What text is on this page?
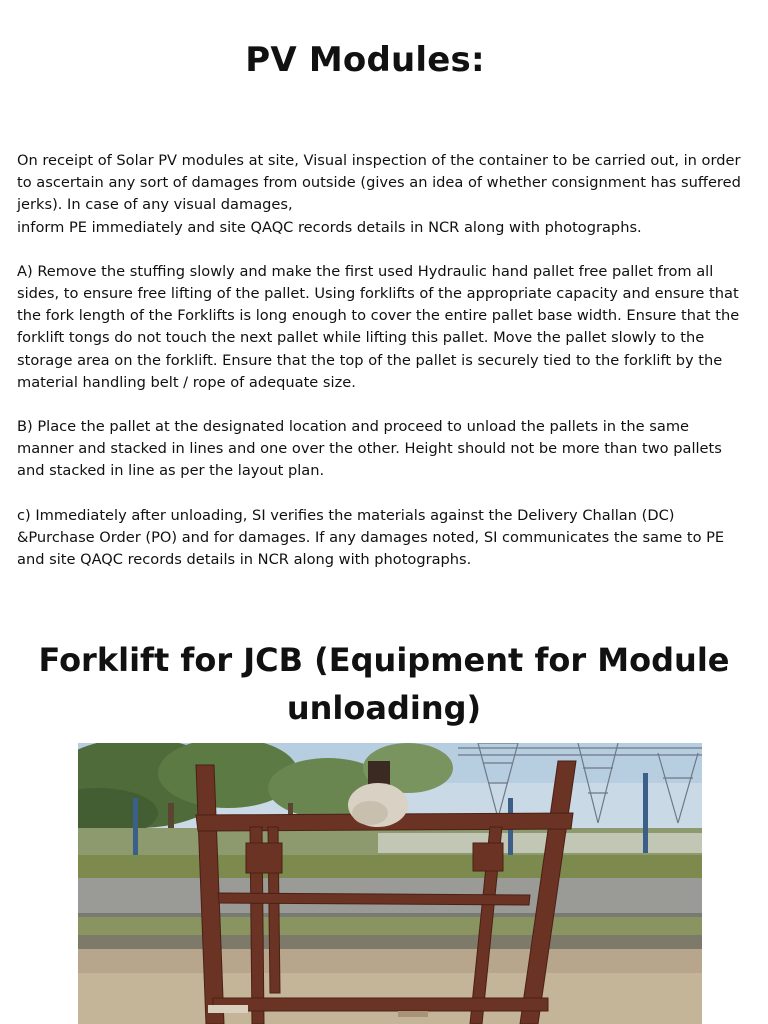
PV Modules:

On receipt of Solar PV modules at site, Visual inspection of the container to be carried out, in order to ascertain any sort of damages from outside (gives an idea of whether consignment has suffered jerks). In case of any visual damages,

inform PE immediately and site QAQC records details in NCR along with photographs.

A) Remove the stuffing slowly and make the first used Hydraulic hand pallet free pallet from all sides, to ensure free lifting of the pallet. Using forklifts of the appropriate capacity and ensure that the fork length of the Forklifts is long enough to cover the entire pallet base width. Ensure that the forklift tongs do not touch the next pallet while lifting this pallet. Move the pallet slowly to the storage area on the forklift. Ensure that the top of the pallet is securely tied to the forklift by the material handling belt / rope of adequate size.

B) Place the pallet at the designated location and proceed to unload the pallets in the same manner and stacked in lines and one over the other. Height should not be more than two pallets and stacked in line as per the layout plan.

c) Immediately after unloading, SI verifies the materials against the Delivery Challan (DC) &Purchase Order (PO) and for damages. If any damages noted, SI communicates the same to PE and site QAQC records details in NCR along with photographs.

Forklift for JCB (Equipment for Module unloading)
